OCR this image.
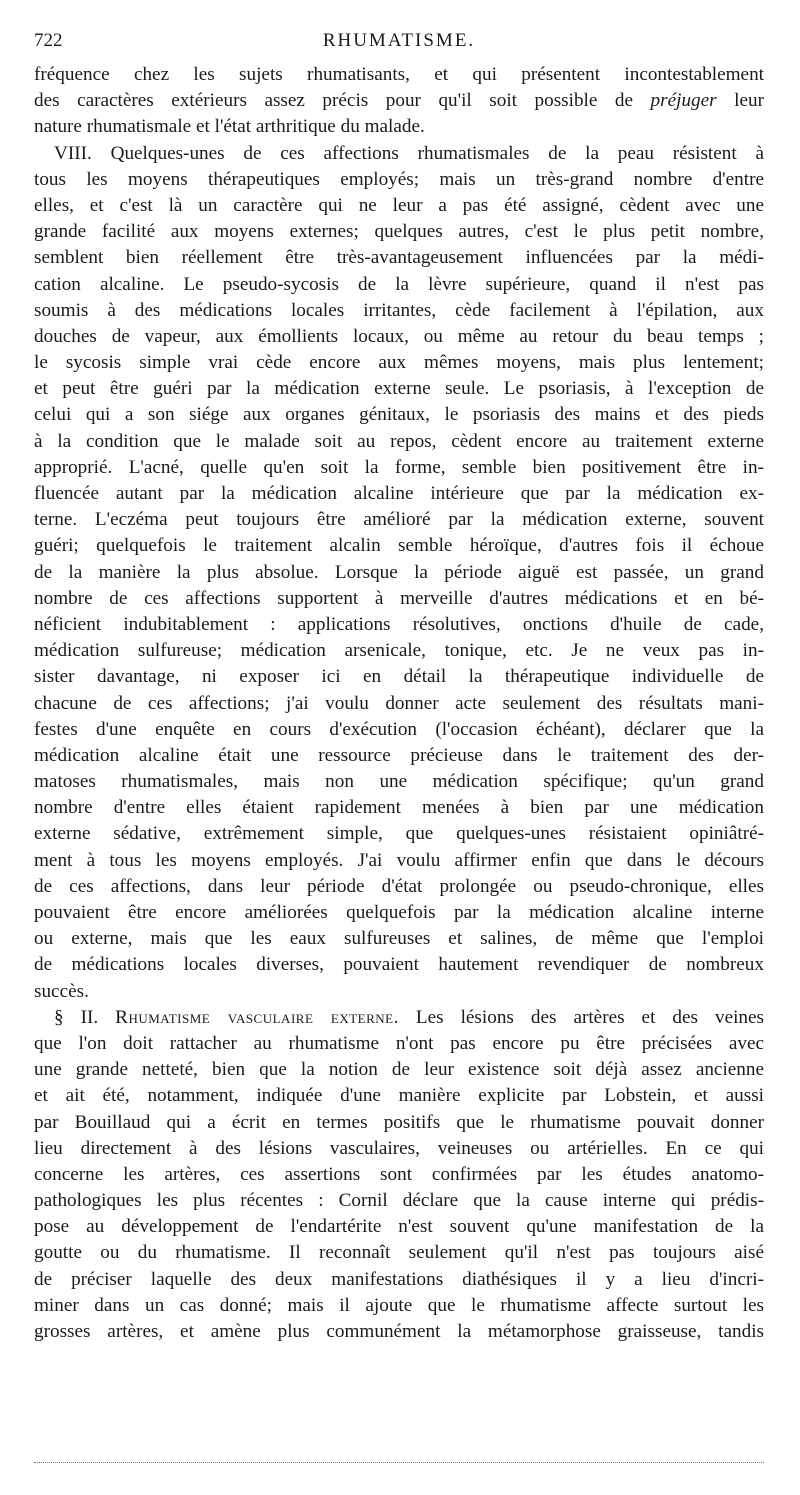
722	RHUMATISME.
fréquence chez les sujets rhumatisants, et qui présentent incontestablement
des caractères extérieurs assez précis pour qu'il soit possible de préjuger leur
nature rhumatismale et l'état arthritique du malade.
VIII. Quelques-unes de ces affections rhumatismales de la peau résistent à
tous les moyens thérapeutiques employés; mais un très-grand nombre d'entre
elles, et c'est là un caractère qui ne leur a pas été assigné, cèdent avec une
grande facilité aux moyens externes; quelques autres, c'est le plus petit nombre,
semblent bien réellement être très-avantageusement influencées par la médi-
cation alcaline. Le pseudo-sycosis de la lèvre supérieure, quand il n'est pas
soumis à des médications locales irritantes, cède facilement à l'épilation, aux
douches de vapeur, aux émollients locaux, ou même au retour du beau temps ;
le sycosis simple vrai cède encore aux mêmes moyens, mais plus lentement;
et peut être guéri par la médication externe seule. Le psoriasis, à l'exception de
celui qui a son siége aux organes génitaux, le psoriasis des mains et des pieds
à la condition que le malade soit au repos, cèdent encore au traitement externe
approprié. L'acné, quelle qu'en soit la forme, semble bien positivement être in-
fluencée autant par la médication alcaline intérieure que par la médication ex-
terne. L'eczéma peut toujours être amélioré par la médication externe, souvent
guéri; quelquefois le traitement alcalin semble héroïque, d'autres fois il échoue
de la manière la plus absolue. Lorsque la période aiguë est passée, un grand
nombre de ces affections supportent à merveille d'autres médications et en bé-
néficient indubitablement : applications résolutives, onctions d'huile de cade,
médication sulfureuse; médication arsenicale, tonique, etc. Je ne veux pas in-
sister davantage, ni exposer ici en détail la thérapeutique individuelle de
chacune de ces affections; j'ai voulu donner acte seulement des résultats mani-
festes d'une enquête en cours d'exécution (l'occasion échéant), déclarer que la
médication alcaline était une ressource précieuse dans le traitement des der-
matoses rhumatismales, mais non une médication spécifique; qu'un grand
nombre d'entre elles étaient rapidement menées à bien par une médication
externe sédative, extrêmement simple, que quelques-unes résistaient opiniâtré-
ment à tous les moyens employés. J'ai voulu affirmer enfin que dans le décours
de ces affections, dans leur période d'état prolongée ou pseudo-chronique, elles
pouvaient être encore améliorées quelquefois par la médication alcaline interne
ou externe, mais que les eaux sulfureuses et salines, de même que l'emploi
de médications locales diverses, pouvaient hautement revendiquer de nombreux
succès.
§ II. Rhumatisme vasculaire externe. Les lésions des artères et des veines
que l'on doit rattacher au rhumatisme n'ont pas encore pu être précisées avec
une grande netteté, bien que la notion de leur existence soit déjà assez ancienne
et ait été, notamment, indiquée d'une manière explicite par Lobstein, et aussi
par Bouillaud qui a écrit en termes positifs que le rhumatisme pouvait donner
lieu directement à des lésions vasculaires, veineuses ou artérielles. En ce qui
concerne les artères, ces assertions sont confirmées par les études anatomo-
pathologiques les plus récentes : Cornil déclare que la cause interne qui prédis-
pose au développement de l'endartérite n'est souvent qu'une manifestation de la
goutte ou du rhumatisme. Il reconnaît seulement qu'il n'est pas toujours aisé
de préciser laquelle des deux manifestations diathésiques il y a lieu d'incri-
miner dans un cas donné; mais il ajoute que le rhumatisme affecte surtout les
grosses artères, et amène plus communément la métamorphose graisseuse, tandis
